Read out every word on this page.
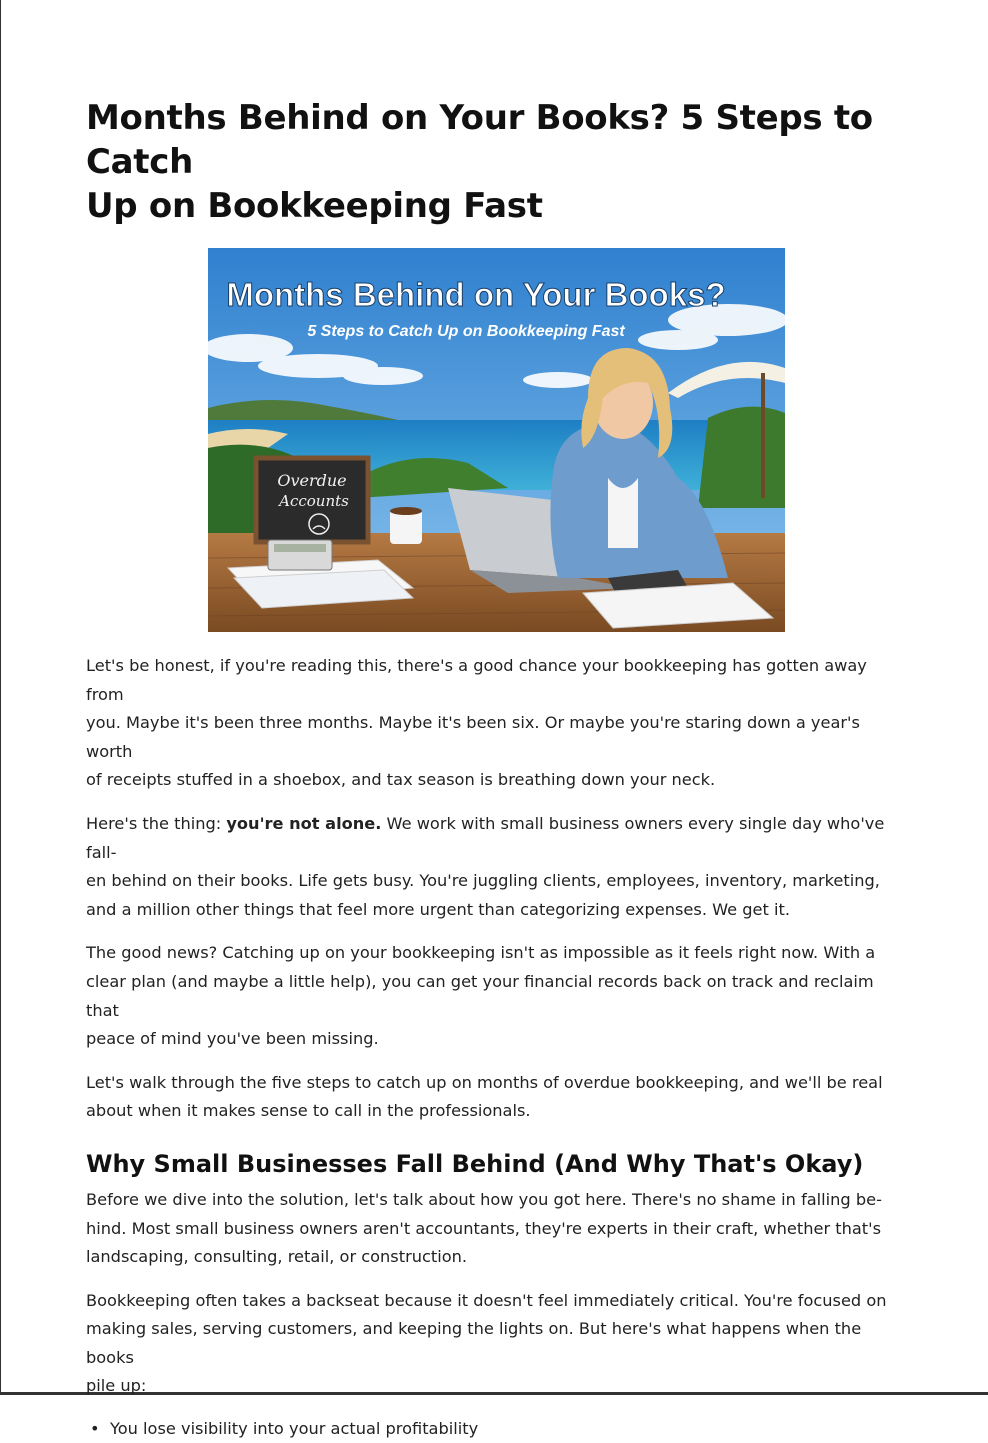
Months Behind on Your Books? 5 Steps to Catch
Up on Bookkeeping Fast
Overdue
Accounts
Months Behind on Your Books?
5 Steps to Catch Up on Bookkeeping Fast

Let's be honest, if you're reading this, there's a good chance your bookkeeping has gotten away from
you. Maybe it's been three months. Maybe it's been six. Or maybe you're staring down a year's worth
of receipts stuffed in a shoebox, and tax season is breathing down your neck.

Here's the thing: you're not alone. We work with small business owners every single day who've fall-
en behind on their books. Life gets busy. You're juggling clients, employees, inventory, marketing,
and a million other things that feel more urgent than categorizing expenses. We get it.

The good news? Catching up on your bookkeeping isn't as impossible as it feels right now. With a
clear plan (and maybe a little help), you can get your financial records back on track and reclaim that
peace of mind you've been missing.

Let's walk through the five steps to catch up on months of overdue bookkeeping, and we'll be real
about when it makes sense to call in the professionals.

Why Small Businesses Fall Behind (And Why That's Okay)

Before we dive into the solution, let's talk about how you got here. There's no shame in falling be-
hind. Most small business owners aren't accountants, they're experts in their craft, whether that's
landscaping, consulting, retail, or construction.

Bookkeeping often takes a backseat because it doesn't feel immediately critical. You're focused on
making sales, serving customers, and keeping the lights on. But here's what happens when the books
pile up:

• You lose visibility into your actual profitability
